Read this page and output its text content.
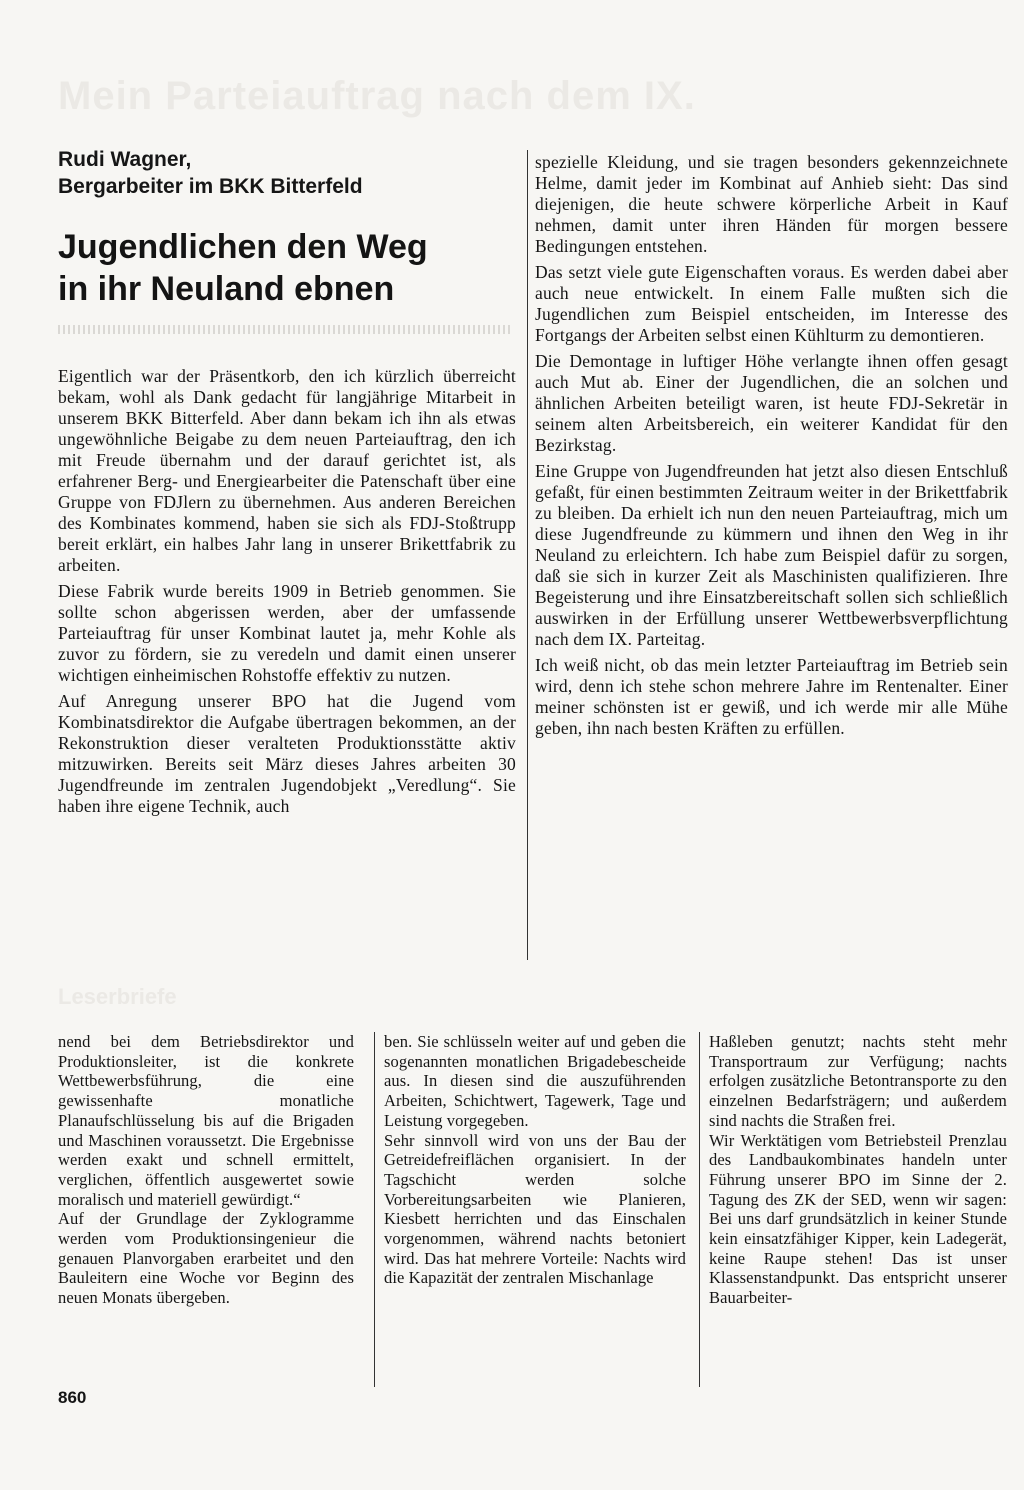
Mein Parteiauftrag nach dem IX.
Rudi Wagner,
Bergarbeiter im BKK Bitterfeld
Jugendlichen den Weg
in ihr Neuland ebnen

Eigentlich war der Präsentkorb, den ich kürzlich überreicht bekam, wohl als Dank gedacht für langjährige Mitarbeit in unserem BKK Bitterfeld. Aber dann bekam ich ihn als etwas ungewöhnliche Beigabe zu dem neuen Parteiauftrag, den ich mit Freude übernahm und der darauf gerichtet ist, als erfahrener Berg- und Energiearbeiter die Patenschaft über eine Gruppe von FDJlern zu übernehmen. Aus anderen Bereichen des Kombinates kommend, haben sie sich als FDJ-Stoßtrupp bereit erklärt, ein halbes Jahr lang in unserer Brikettfabrik zu arbeiten.

Diese Fabrik wurde bereits 1909 in Betrieb genommen. Sie sollte schon abgerissen werden, aber der umfassende Parteiauftrag für unser Kombinat lautet ja, mehr Kohle als zuvor zu fördern, sie zu veredeln und damit einen unserer wichtigen einheimischen Rohstoffe effektiv zu nutzen.

Auf Anregung unserer BPO hat die Jugend vom Kombinatsdirektor die Aufgabe übertragen bekommen, an der Rekonstruktion dieser veralteten Produktionsstätte aktiv mitzuwirken. Bereits seit März dieses Jahres arbeiten 30 Jugendfreunde im zentralen Jugendobjekt „Veredlung“. Sie haben ihre eigene Technik, auch

spezielle Kleidung, und sie tragen besonders gekennzeichnete Helme, damit jeder im Kombinat auf Anhieb sieht: Das sind diejenigen, die heute schwere körperliche Arbeit in Kauf nehmen, damit unter ihren Händen für morgen bessere Bedingungen entstehen.

Das setzt viele gute Eigenschaften voraus. Es werden dabei aber auch neue entwickelt. In einem Falle mußten sich die Jugendlichen zum Beispiel entscheiden, im Interesse des Fortgangs der Arbeiten selbst einen Kühlturm zu demontieren.

Die Demontage in luftiger Höhe verlangte ihnen offen gesagt auch Mut ab. Einer der Jugendlichen, die an solchen und ähnlichen Arbeiten beteiligt waren, ist heute FDJ-Sekretär in seinem alten Arbeitsbereich, ein weiterer Kandidat für den Bezirkstag.

Eine Gruppe von Jugendfreunden hat jetzt also diesen Entschluß gefaßt, für einen bestimmten Zeitraum weiter in der Brikettfabrik zu bleiben. Da erhielt ich nun den neuen Parteiauftrag, mich um diese Jugendfreunde zu kümmern und ihnen den Weg in ihr Neuland zu erleichtern. Ich habe zum Beispiel dafür zu sorgen, daß sie sich in kurzer Zeit als Maschinisten qualifizieren. Ihre Begeisterung und ihre Einsatzbereitschaft sollen sich schließlich auswirken in der Erfüllung unserer Wettbewerbsverpflichtung nach dem IX. Parteitag.

Ich weiß nicht, ob das mein letzter Parteiauftrag im Betrieb sein wird, denn ich stehe schon mehrere Jahre im Rentenalter. Einer meiner schönsten ist er gewiß, und ich werde mir alle Mühe geben, ihn nach besten Kräften zu erfüllen.

Leserbriefe

nend bei dem Betriebsdirektor und Produktionsleiter, ist die konkrete Wettbewerbsführung, die eine gewissenhafte monatliche Planaufschlüsselung bis auf die Brigaden und Maschinen voraussetzt. Die Ergebnisse werden exakt und schnell ermittelt, verglichen, öffentlich ausgewertet sowie moralisch und materiell gewürdigt.“

Auf der Grundlage der Zyklogramme werden vom Produktionsingenieur die genauen Planvorgaben erarbeitet und den Bauleitern eine Woche vor Beginn des neuen Monats übergeben.

ben. Sie schlüsseln weiter auf und geben die sogenannten monatlichen Brigadebescheide aus. In diesen sind die auszuführenden Arbeiten, Schichtwert, Tagewerk, Tage und Leistung vorgegeben.

Sehr sinnvoll wird von uns der Bau der Getreidefreiflächen organisiert. In der Tagschicht werden solche Vorbereitungsarbeiten wie Planieren, Kiesbett herrichten und das Einschalen vorgenommen, während nachts betoniert wird. Das hat mehrere Vorteile: Nachts wird die Kapazität der zentralen Mischanlage

Haßleben genutzt; nachts steht mehr Transportraum zur Verfügung; nachts erfolgen zusätzliche Betontransporte zu den einzelnen Bedarfsträgern; und außerdem sind nachts die Straßen frei.

Wir Werktätigen vom Betriebsteil Prenzlau des Landbaukombinates handeln unter Führung unserer BPO im Sinne der 2. Tagung des ZK der SED, wenn wir sagen: Bei uns darf grundsätzlich in keiner Stunde kein einsatzfähiger Kipper, kein Ladegerät, keine Raupe stehen! Das ist unser Klassenstandpunkt. Das entspricht unserer Bauarbeiter-

860
